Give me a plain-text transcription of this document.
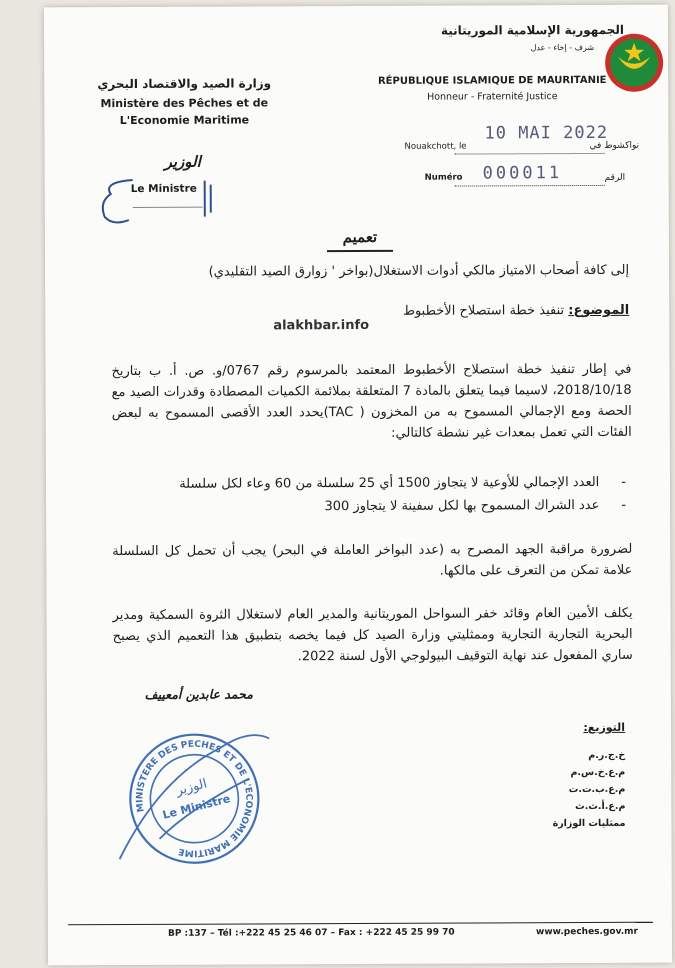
الجمهورية الإسلامية الموريتانية
شرف - إخاء - عدل
RÉPUBLIQUE ISLAMIQUE DE MAURITANIE
Honneur - Fraternité Justice
وزارة الصيد والاقتصاد البحري
Ministère des Pêches et de
L'Economie Maritime
Nouakchott, le
10 MAI 2022
نواكشوط في
Numéro 000011	الرقم
الوزير
Le Ministre
تعميم
إلى كافة أصحاب الامتياز مالكي أدوات الاستغلال(بواخر ' زوارق الصيد التقليدي)
الموضوع: تنفيذ خطة استصلاح الأخطبوط
alakhbar.info
في إطار تنفيذ خطة استصلاح الأخطبوط المعتمد بالمرسوم رقم 0767/و. ص. أ. ب بتاريخ 2018/10/18، لاسيما فيما يتعلق بالمادة 7 المتعلقة بملائمة الكميات المصطادة وقدرات الصيد مع الحصة ومع الإجمالي المسموح به من المخزون ( TAC)يحدد العدد الأقصى المسموح به لبعض الفئات التي تعمل بمعدات غير نشطة كالتالي:
- العدد الإجمالي للأوعية لا يتجاوز 1500 أي 25 سلسلة من 60 وعاء لكل سلسلة
- عدد الشراك المسموح بها لكل سفينة لا يتجاوز 300
لضرورة مراقبة الجهد المصرح به (عدد البواخر العاملة في البحر) يجب أن تحمل كل السلسلة علامة تمكن من التعرف على مالكها.
يكلف الأمين العام وقائد خفر السواحل الموريتانية والمدير العام لاستغلال الثروة السمكية ومدير البحرية التجارية التجارية وممثليتي وزارة الصيد كل فيما يخصه بتطبيق هذا التعميم الذي يصبح ساري المفعول عند نهاية التوقيف البيولوجي الأول لسنة 2022.
محمد عابدين أمعييف
MINISTERE DES PECHES ET DE L'ECONOMIE MARITIME
الوزير
Le Ministre
التوزيع:
خ.ج.ر.م
م.ع.خ.س.م
م.ع.ب.ت.ت
م.ع.أ.ث.ث
ممثليات الوزارة
BP :137 – Tél :+222 45 25 46 07 – Fax : +222 45 25 99 70	www.peches.gov.mr
